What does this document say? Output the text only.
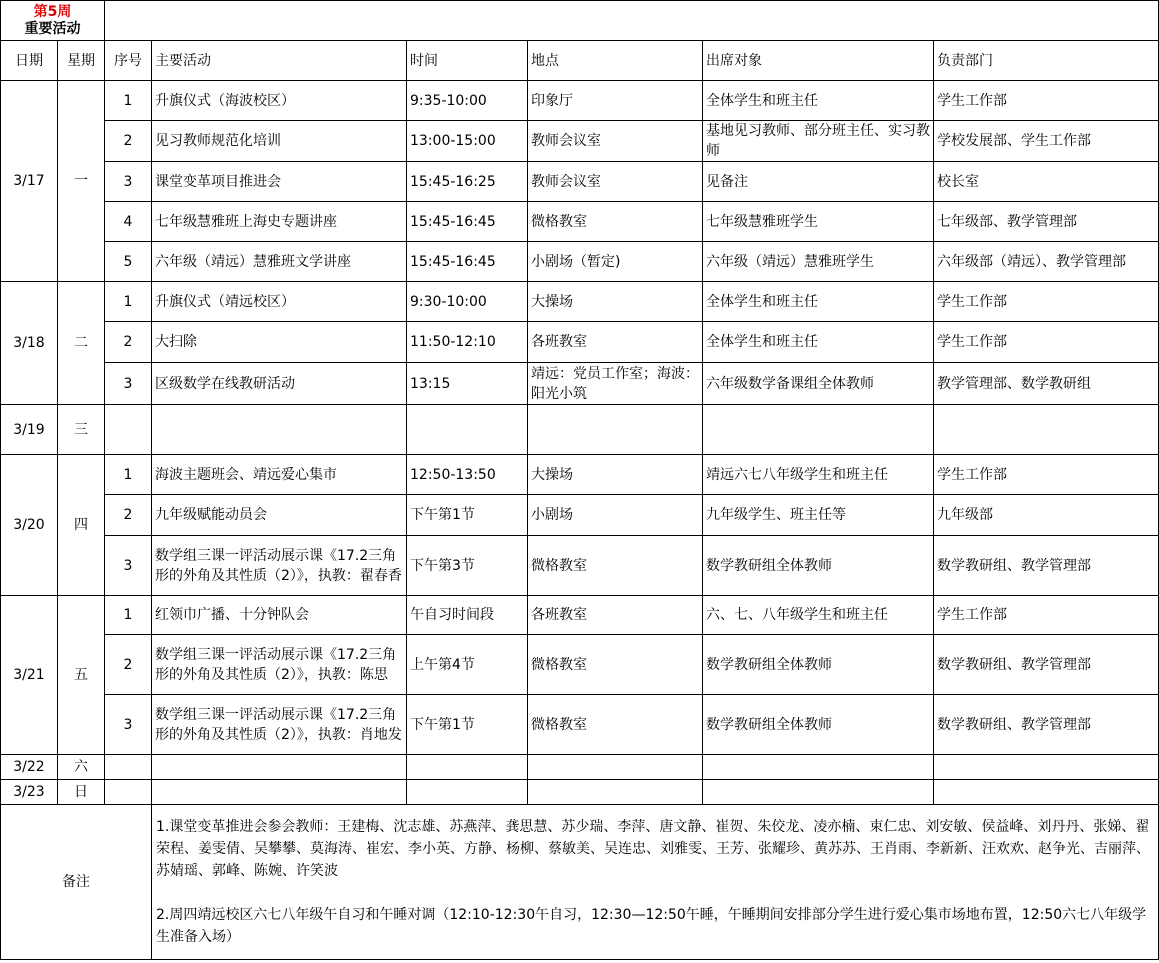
第5周
重要活动							

日期	星期	序号	主要活动	时间	地点	出席对象	负责部门
3/17	一	1	升旗仪式（海波校区）	9:35-10:00	印象厅	全体学生和班主任	学生工作部
		2	见习教师规范化培训	13:00-15:00	教师会议室	基地见习教师、部分班主任、实习教师	学校发展部、学生工作部
		3	课堂变革项目推进会	15:45-16:25	教师会议室	见备注	校长室
		4	七年级慧雅班上海史专题讲座	15:45-16:45	微格教室	七年级慧雅班学生	七年级部、教学管理部
		5	六年级（靖远）慧雅班文学讲座	15:45-16:45	小剧场（暂定)	六年级（靖远）慧雅班学生	六年级部（靖远）、教学管理部
3/18	二	1	升旗仪式（靖远校区）	9:30-10:00	大操场	全体学生和班主任	学生工作部
		2	大扫除	11:50-12:10	各班教室	全体学生和班主任	学生工作部
		3	区级数学在线教研活动	13:15	靖远：党员工作室；海波：阳光小筑	六年级数学备课组全体教师	教学管理部、数学教研组
3/19	三						
3/20	四	1	海波主题班会、靖远爱心集市	12:50-13:50	大操场	靖远六七八年级学生和班主任	学生工作部
		2	九年级赋能动员会	下午第1节	小剧场	九年级学生、班主任等	九年级部
		3	数学组三课一评活动展示课《17.2三角形的外角及其性质（2）》，执教：翟春香	下午第3节	微格教室	数学教研组全体教师	数学教研组、教学管理部
3/21	五	1	红领巾广播、十分钟队会	午自习时间段	各班教室	六、七、八年级学生和班主任	学生工作部
		2	数学组三课一评活动展示课《17.2三角形的外角及其性质（2）》，执教：陈思	上午第4节	微格教室	数学教研组全体教师	数学教研组、教学管理部
		3	数学组三课一评活动展示课《17.2三角形的外角及其性质（2）》，执教：肖地发	下午第1节	微格教室	数学教研组全体教师	数学教研组、教学管理部
3/22	六						
3/23	日						
备注			1.课堂变革推进会参会教师：王建梅、沈志雄、苏燕萍、龚思慧、苏少瑞、李萍、唐文静、崔贺、朱佼龙、凌亦楠、束仁忠、刘安敏、侯益峰、刘丹丹、张娣、翟荣程、姜雯倩、吴攀攀、莫海涛、崔宏、李小英、方静、杨柳、蔡敏美、吴连忠、刘雅雯、王芳、张耀珍、黄苏苏、王肖雨、李新新、汪欢欢、赵争光、吉丽萍、苏婧瑶、郭峰、陈婉、许笑波

2.周四靖远校区六七八年级午自习和午睡对调（12:10-12:30午自习，12:30—12:50午睡，午睡期间安排部分学生进行爱心集市场地布置，12:50六七八年级学生准备入场）				
